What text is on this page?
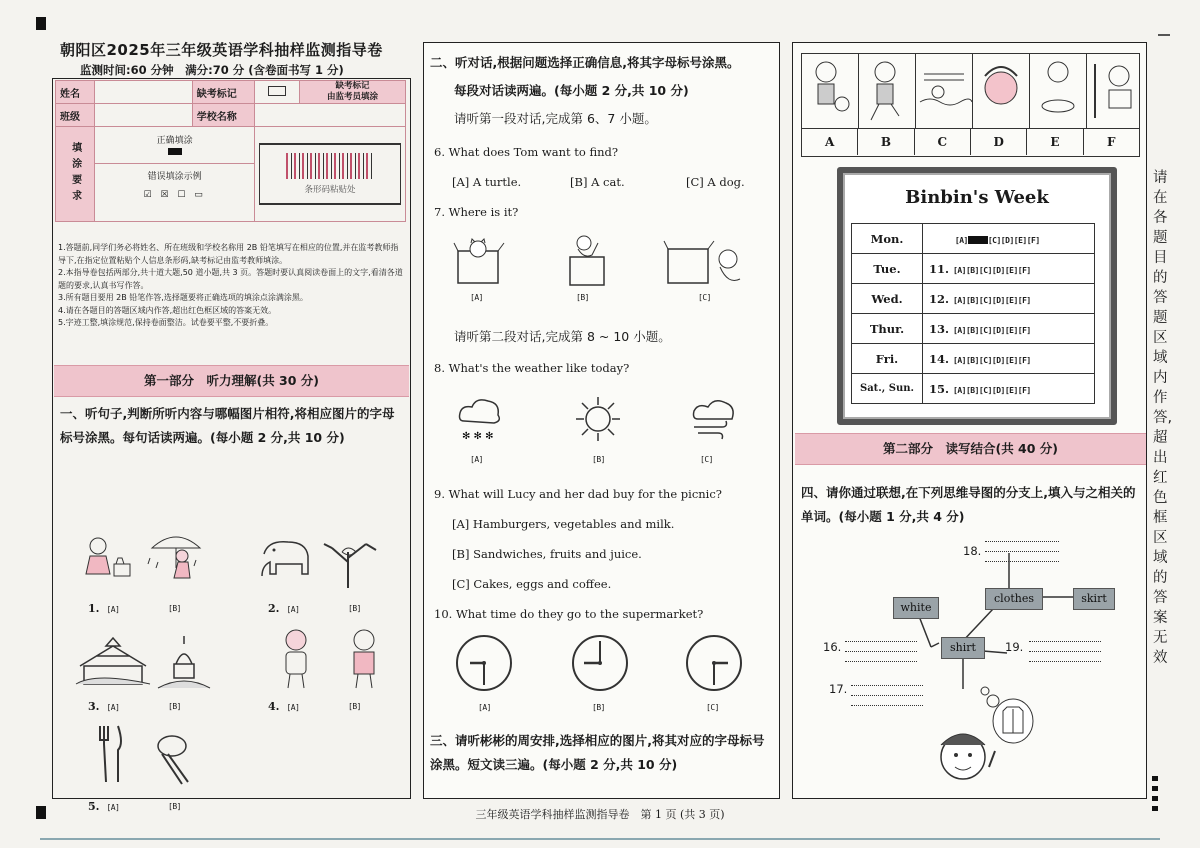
朝阳区2025年三年级英语学科抽样监测指导卷
监测时间:60 分钟　满分:70 分 (含卷面书写 1 分)
姓名		缺考标记		缺考标记
由监考员填涂
班级		学校名称		
填涂要求	正确填涂
错误填涂示例
☑ ☒ ☐ ▭		条形码粘贴处	
1.答题前,同学们务必将姓名、所在班级和学校名称用 2B 铅笔填写在相应的位置,并在监考教师指导下,在指定位置粘贴个人信息条形码,缺考标记由监考教师填涂。
2.本指导卷包括两部分,共十道大题,50 道小题,共 3 页。答题时要认真阅读卷面上的文字,看清各道题的要求,认真书写作答。
3.所有题目要用 2B 铅笔作答,选择题要将正确选项的填涂点涂满涂黑。
4.请在各题目的答题区域内作答,超出红色框区域的答案无效。
5.字迹工整,填涂规范,保持卷面整洁。试卷要平整,不要折叠。
第一部分　听力理解(共 30 分)
一、听句子,判断所听内容与哪幅图片相符,将相应图片的字母标号涂黑。每句话读两遍。(每小题 2 分,共 10 分)
1. [A]	[B]	2. [A]	[B]
3. [A]	[B]	4. [A]	[B]
5. [A]	[B]
二、听对话,根据问题选择正确信息,将其字母标号涂黑。
每段对话读两遍。(每小题 2 分,共 10 分)
请听第一段对话,完成第 6、7 小题。
6. What does Tom want to find?
[A] A turtle.	[B] A cat.	[C] A dog.
7. Where is it?
[A]	[B]	[C]
请听第二段对话,完成第 8 ~ 10 小题。
8. What's the weather like today?
✻ ✻ ✻
[A]	[B]	[C]
9. What will Lucy and her dad buy for the picnic?
[A] Hamburgers, vegetables and milk.
[B] Sandwiches, fruits and juice.
[C] Cakes, eggs and coffee.
10. What time do they go to the supermarket?
[A]	[B]	[C]
三、请听彬彬的周安排,选择相应的图片,将其对应的字母标号涂黑。短文读三遍。(每小题 2 分,共 10 分)
A	B	C	D	E	F
Binbin's Week
Mon.	[A] [C][D][E][F]
Tue.	11. [A][B][C][D][E][F]
Wed.	12. [A][B][C][D][E][F]
Thur.	13. [A][B][C][D][E][F]
Fri.	14. [A][B][C][D][E][F]
Sat., Sun.	15. [A][B][C][D][E][F]
第二部分　读写结合(共 40 分)
四、请你通过联想,在下列思维导图的分支上,填入与之相关的单词。(每小题 1 分,共 4 分)
clothes	skirt
white
shirt
18.
16.	19.
17.
请在各题目的答题区域内作答,超出红色框区域的答案无效
三年级英语学科抽样监测指导卷　第 1 页 (共 3 页)
